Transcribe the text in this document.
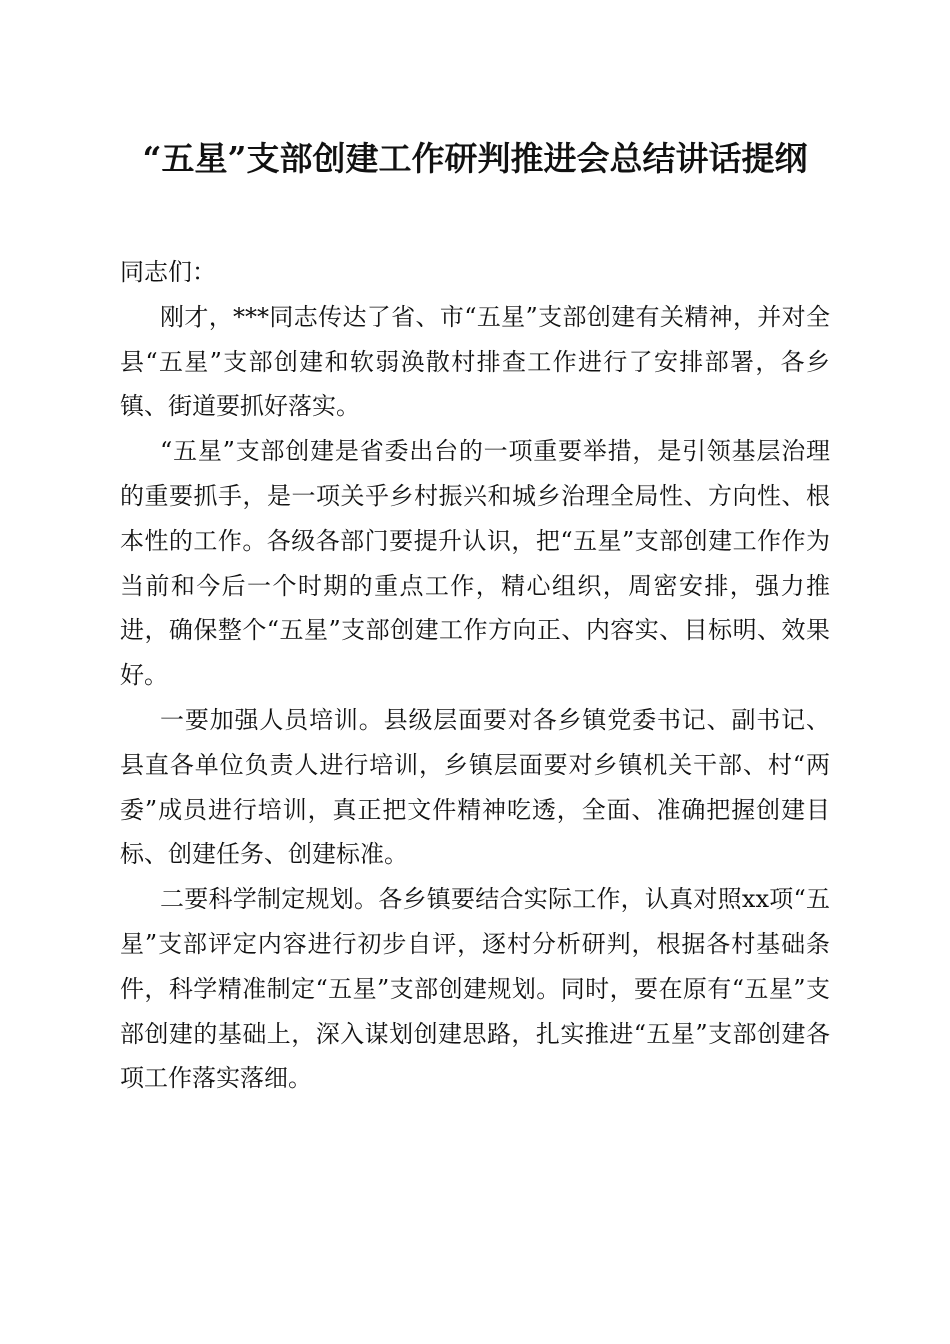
“五星”支部创建工作研判推进会总结讲话提纲

同志们：

刚才，***同志传达了省、市“五星”支部创建有关精神，并对全县“五星”支部创建和软弱涣散村排查工作进行了安排部署，各乡镇、街道要抓好落实。

“五星”支部创建是省委出台的一项重要举措，是引领基层治理的重要抓手，是一项关乎乡村振兴和城乡治理全局性、方向性、根本性的工作。各级各部门要提升认识，把“五星”支部创建工作作为当前和今后一个时期的重点工作，精心组织，周密安排，强力推进，确保整个“五星”支部创建工作方向正、内容实、目标明、效果好。

一要加强人员培训。县级层面要对各乡镇党委书记、副书记、县直各单位负责人进行培训，乡镇层面要对乡镇机关干部、村“两委”成员进行培训，真正把文件精神吃透，全面、准确把握创建目标、创建任务、创建标准。

二要科学制定规划。各乡镇要结合实际工作，认真对照xx项“五星”支部评定内容进行初步自评，逐村分析研判，根据各村基础条件，科学精准制定“五星”支部创建规划。同时，要在原有“五星”支部创建的基础上，深入谋划创建思路，扎实推进“五星”支部创建各项工作落实落细。
